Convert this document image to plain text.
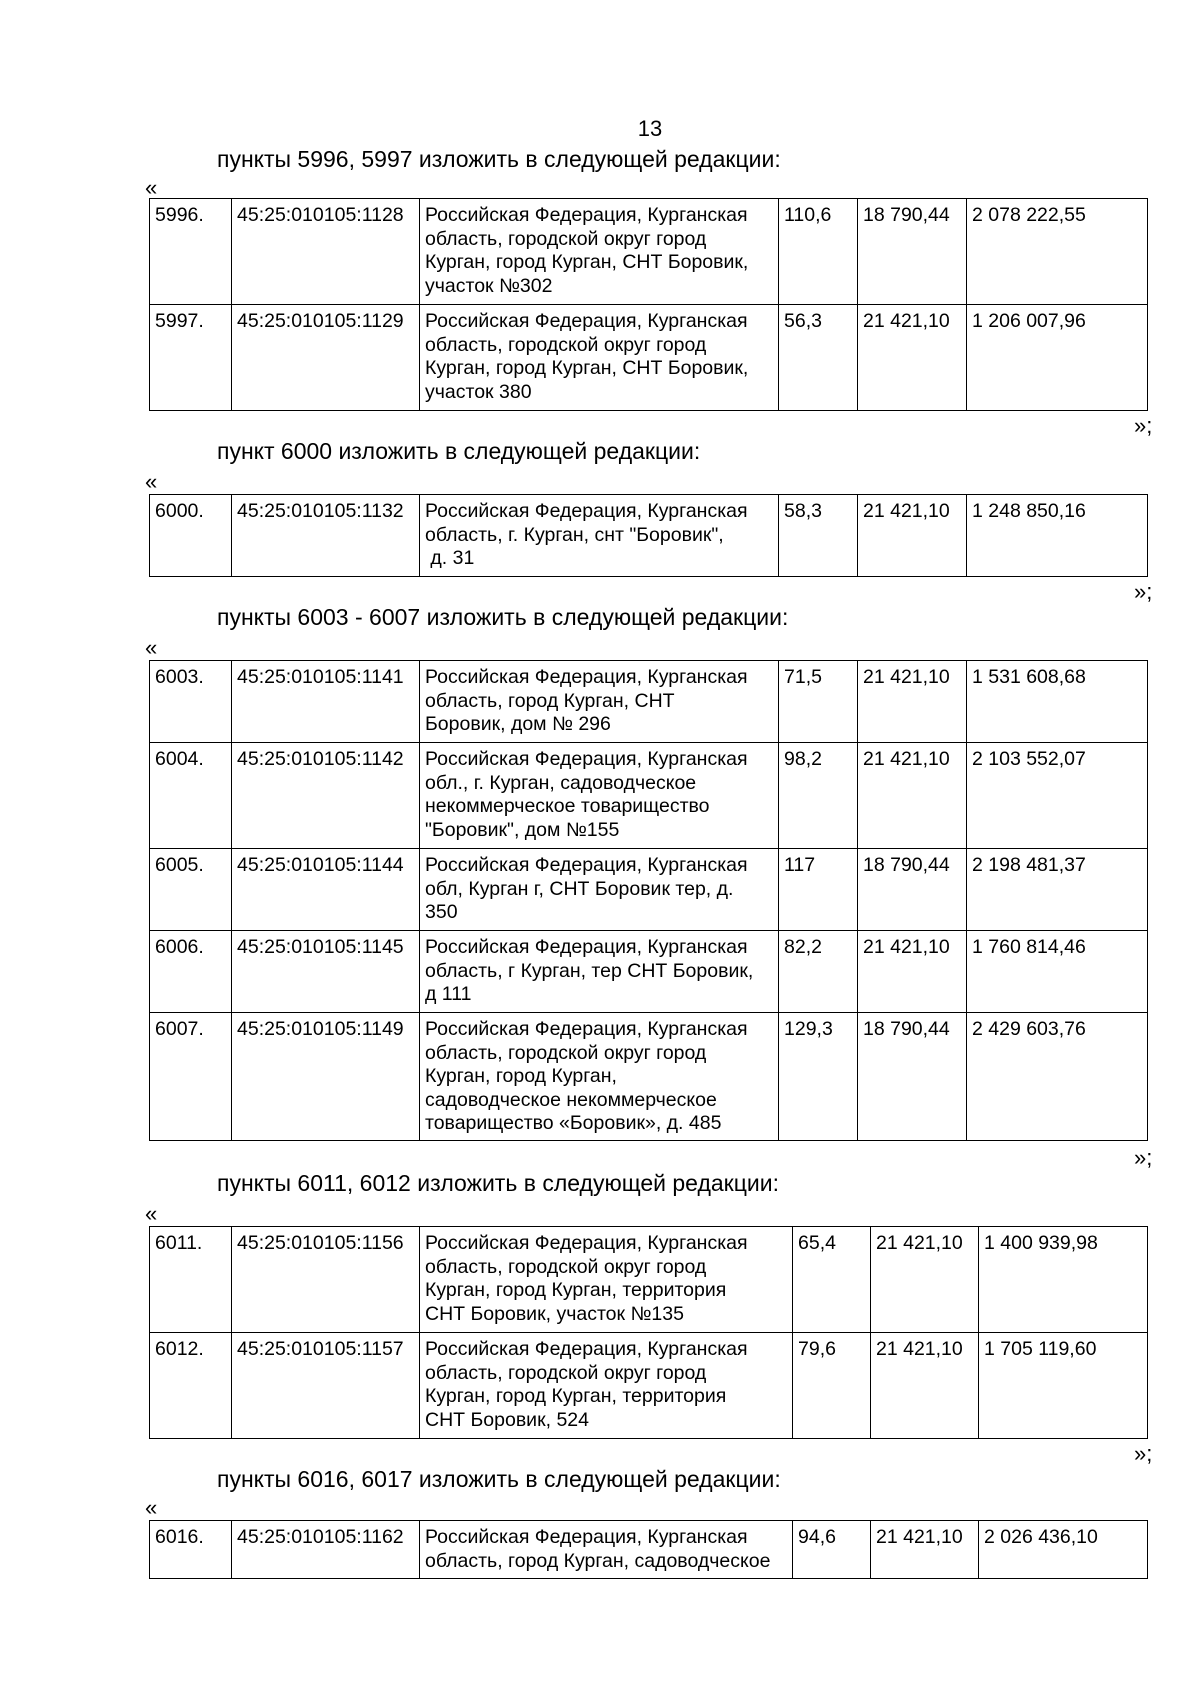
13
пункты 5996, 5997 изложить в следующей редакции:
«
5996.	45:25:010105:1128	Российская Федерация, Курганская
область, городской округ город
Курган, город Курган, СНТ Боровик,
участок №302	110,6	18 790,44	2 078 222,55
5997.	45:25:010105:1129	Российская Федерация, Курганская
область, городской округ город
Курган, город Курган, СНТ Боровик,
участок 380	56,3	21 421,10	1 206 007,96
»;
пункт 6000 изложить в следующей редакции:
«
6000.	45:25:010105:1132	Российская Федерация, Курганская
область, г. Курган, снт "Боровик",
д. 31
	58,3	21 421,10	1 248 850,16
»;
пункты 6003 - 6007 изложить в следующей редакции:
«
6003.	45:25:010105:1141	Российская Федерация, Курганская
область, город Курган, СНТ
Боровик, дом № 296	71,5	21 421,10	1 531 608,68
6004.	45:25:010105:1142	Российская Федерация, Курганская
обл., г. Курган, садоводческое
некоммерческое товарищество
"Боровик", дом №155	98,2	21 421,10	2 103 552,07
6005.	45:25:010105:1144	Российская Федерация, Курганская
обл, Курган г, СНТ Боровик тер, д.
350	117	18 790,44	2 198 481,37
6006.	45:25:010105:1145	Российская Федерация, Курганская
область, г Курган, тер СНТ Боровик,
д 111	82,2	21 421,10	1 760 814,46
6007.	45:25:010105:1149	Российская Федерация, Курганская
область, городской округ город
Курган, город Курган,
садоводческое некоммерческое
товарищество «Боровик», д. 485	129,3	18 790,44	2 429 603,76
»;
пункты 6011, 6012 изложить в следующей редакции:
«
6011.	45:25:010105:1156	Российская Федерация, Курганская
область, городской округ город
Курган, город Курган, территория
СНТ Боровик, участок №135	65,4	21 421,10	1 400 939,98
6012.	45:25:010105:1157	Российская Федерация, Курганская
область, городской округ город
Курган, город Курган, территория
СНТ Боровик, 524	79,6	21 421,10	1 705 119,60
»;
пункты 6016, 6017 изложить в следующей редакции:
«
6016.	45:25:010105:1162	Российская Федерация, Курганская
область, город Курган, садоводческое
	94,6	21 421,10	2 026 436,10
